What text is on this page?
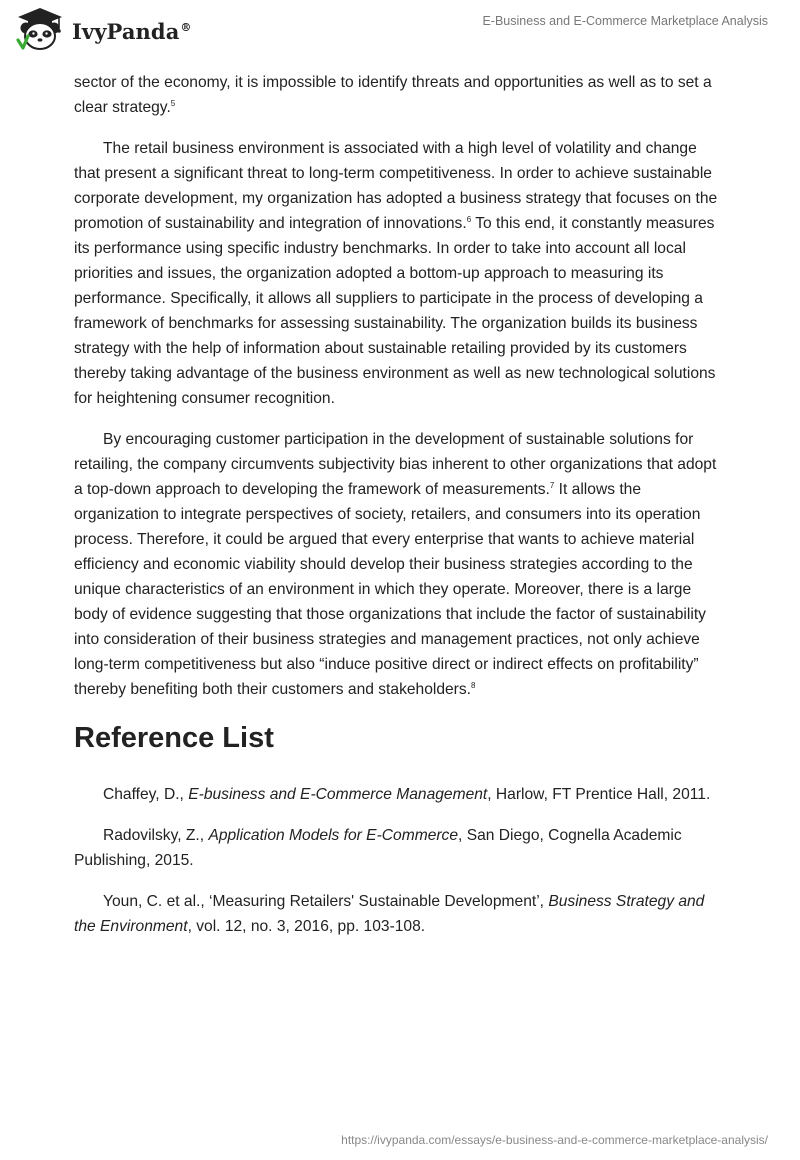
IvyPanda®	E-Business and E-Commerce Marketplace Analysis

sector of the economy, it is impossible to identify threats and opportunities as well as to set a clear strategy.$^5$

The retail business environment is associated with a high level of volatility and change that present a significant threat to long-term competitiveness. In order to achieve sustainable corporate development, my organization has adopted a business strategy that focuses on the promotion of sustainability and integration of innovations.$^6$ To this end, it constantly measures its performance using specific industry benchmarks. In order to take into account all local priorities and issues, the organization adopted a bottom-up approach to measuring its performance. Specifically, it allows all suppliers to participate in the process of developing a framework of benchmarks for assessing sustainability. The organization builds its business strategy with the help of information about sustainable retailing provided by its customers thereby taking advantage of the business environment as well as new technological solutions for heightening consumer recognition.

By encouraging customer participation in the development of sustainable solutions for retailing, the company circumvents subjectivity bias inherent to other organizations that adopt a top-down approach to developing the framework of measurements.$^7$ It allows the organization to integrate perspectives of society, retailers, and consumers into its operation process. Therefore, it could be argued that every enterprise that wants to achieve material efficiency and economic viability should develop their business strategies according to the unique characteristics of an environment in which they operate. Moreover, there is a large body of evidence suggesting that those organizations that include the factor of sustainability into consideration of their business strategies and management practices, not only achieve long-term competitiveness but also “induce positive direct or indirect effects on profitability” thereby benefiting both their customers and stakeholders.$^8$

Reference List

Chaffey, D., E-business and E-Commerce Management, Harlow, FT Prentice Hall, 2011.

Radovilsky, Z., Application Models for E-Commerce, San Diego, Cognella Academic Publishing, 2015.

Youn, C. et al., ‘Measuring Retailers' Sustainable Development’, Business Strategy and the Environment, vol. 12, no. 3, 2016, pp. 103-108.

https://ivypanda.com/essays/e-business-and-e-commerce-marketplace-analysis/
